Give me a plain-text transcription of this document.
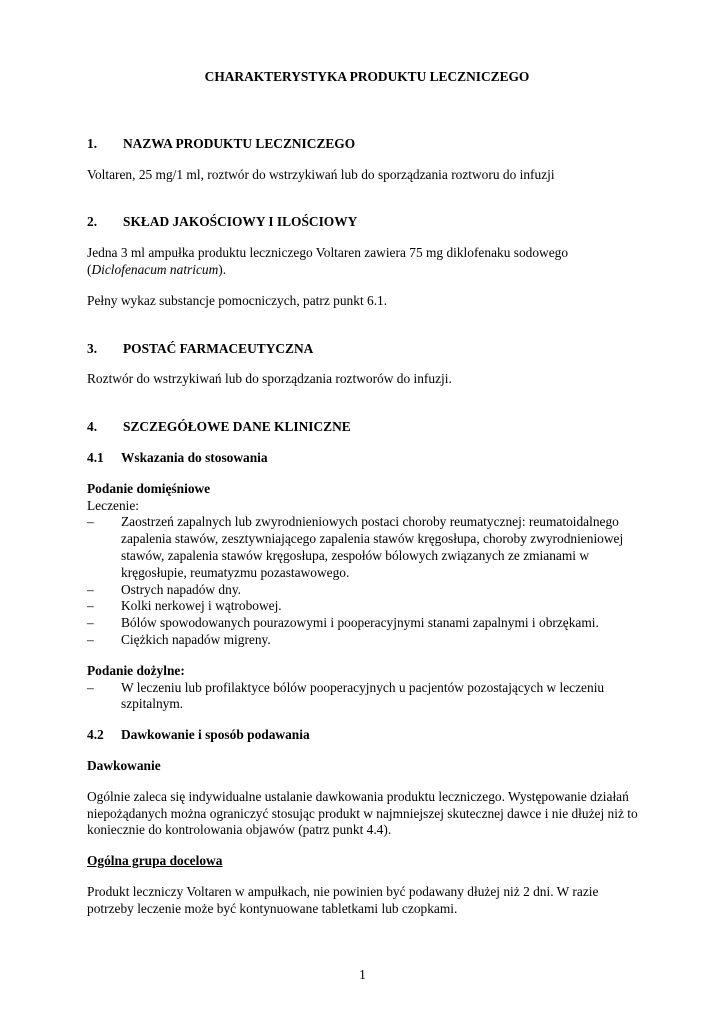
CHARAKTERYSTYKA PRODUKTU LECZNICZEGO

1.	NAZWA PRODUKTU LECZNICZEGO

Voltaren, 25 mg/1 ml, roztwór do wstrzykiwań lub do sporządzania roztworu do infuzji

2.	SKŁAD JAKOŚCIOWY I ILOŚCIOWY

Jedna 3 ml ampułka produktu leczniczego Voltaren zawiera 75 mg diklofenaku sodowego (Diclofenacum natricum).

Pełny wykaz substancje pomocniczych, patrz punkt 6.1.

3.	POSTAĆ FARMACEUTYCZNA

Roztwór do wstrzykiwań lub do sporządzania roztworów do infuzji.

4.	SZCZEGÓŁOWE DANE KLINICZNE
4.1	Wskazania do stosowania

Podanie domięśniowe

Leczenie:

–	Zaostrzeń zapalnych lub zwyrodnieniowych postaci choroby reumatycznej: reumatoidalnego zapalenia stawów, zesztywniającego zapalenia stawów kręgosłupa, choroby zwyrodnieniowej stawów, zapalenia stawów kręgosłupa, zespołów bólowych związanych ze zmianami w kręgosłupie, reumatyzmu pozastawowego.
–	Ostrych napadów dny.
–	Kolki nerkowej i wątrobowej.
–	Bólów spowodowanych pourazowymi i pooperacyjnymi stanami zapalnymi i obrzękami.
–	Ciężkich napadów migreny.

Podanie dożylne:

–	W leczeniu lub profilaktyce bólów pooperacyjnych u pacjentów pozostających w leczeniu szpitalnym.
4.2	Dawkowanie i sposób podawania

Dawkowanie

Ogólnie zaleca się indywidualne ustalanie dawkowania produktu leczniczego. Występowanie działań niepożądanych można ograniczyć stosując produkt w najmniejszej skutecznej dawce i nie dłużej niż to koniecznie do kontrolowania objawów (patrz punkt 4.4).

Ogólna grupa docelowa

Produkt leczniczy Voltaren w ampułkach, nie powinien być podawany dłużej niż 2 dni. W razie potrzeby leczenie może być kontynuowane tabletkami lub czopkami.

1
